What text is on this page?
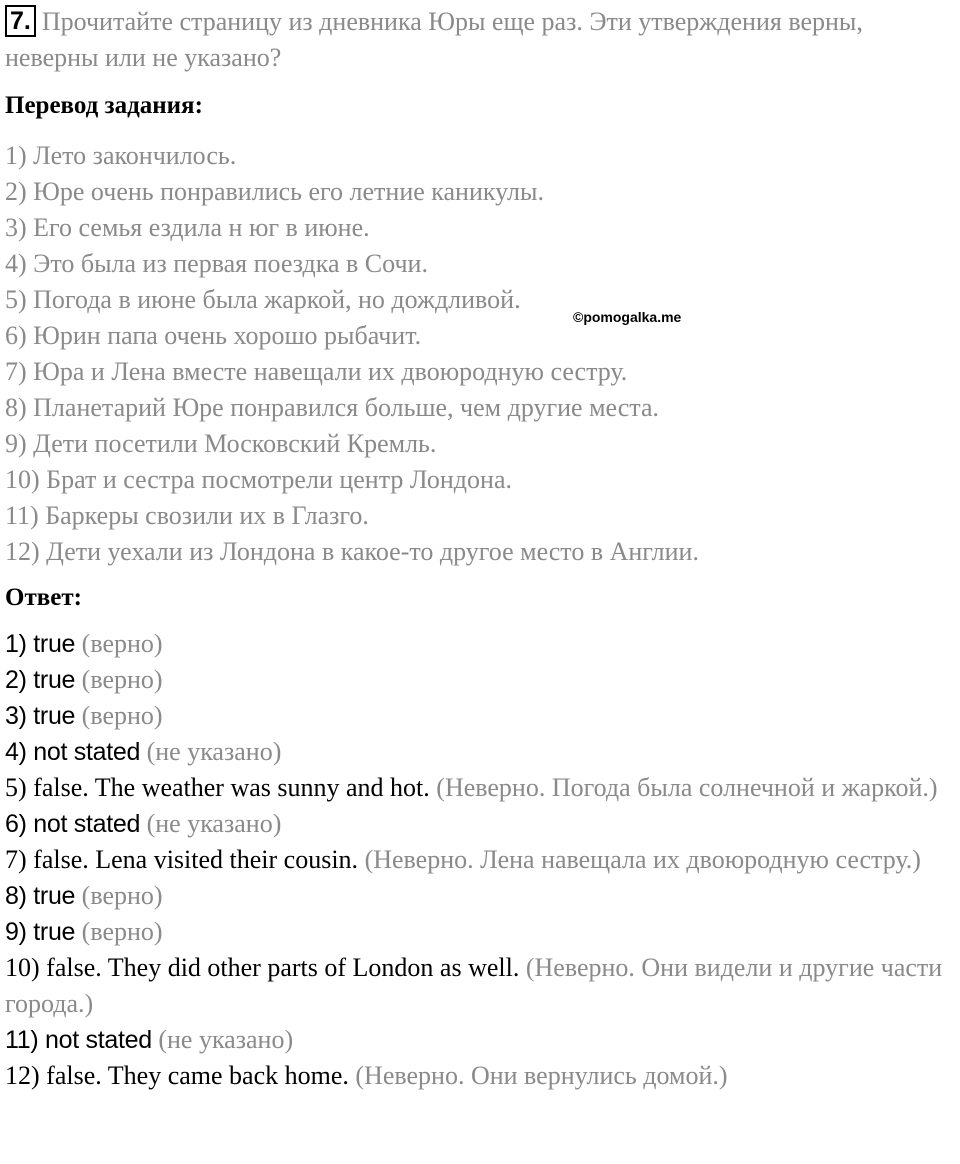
7. Прочитайте страницу из дневника Юры еще раз. Эти утверждения верны, неверны или не указано?
Перевод задания:
1) Лето закончилось.
2) Юре очень понравились его летние каникулы.
3) Его семья ездила н юг в июне.
4) Это была из первая поездка в Сочи.
5) Погода в июне была жаркой, но дождливой.
6) Юрин папа очень хорошо рыбачит.
7) Юра и Лена вместе навещали их двоюродную сестру.
8) Планетарий Юре понравился больше, чем другие места.
9) Дети посетили Московский Кремль.
10) Брат и сестра посмотрели центр Лондона.
11) Баркеры свозили их в Глазго.
12) Дети уехали из Лондона в какое-то другое место в Англии.
©pomogalka.me
Ответ:
1) true (верно)
2) true (верно)
3) true (верно)
4) not stated (не указано)
5) false. The weather was sunny and hot. (Неверно. Погода была солнечной и жаркой.)
6) not stated (не указано)
7) false. Lena visited their cousin. (Неверно. Лена навещала их двоюродную сестру.)
8) true (верно)
9) true (верно)
10) false. They did other parts of London as well. (Неверно. Они видели и другие части города.)
11) not stated (не указано)
12) false. They came back home. (Неверно. Они вернулись домой.)
